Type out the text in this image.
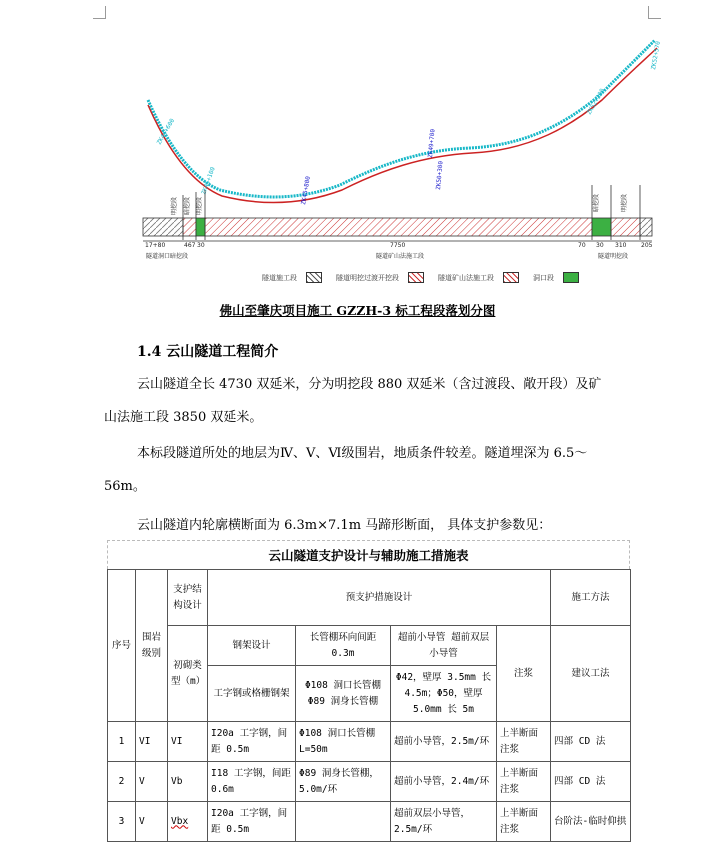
ZK45+800
ZK49+700
ZK50+300
ZK44+600
ZK45+100
ZK52+200
ZK52+570
明挖段 暗挖段 明挖段	暗挖段	明挖段
17+80	467 30	7750	70 30 310 205
隧道洞口暗挖段	隧道矿山法施工段	隧道明挖段
隧道施工段	隧道明挖过渡开挖段	隧道矿山法施工段	洞口段
佛山至肇庆项目施工 GZZH-3 标工程段落划分图
1.4 云山隧道工程简介
云山隧道全长 4730 双延米，分为明挖段 880 双延米（含过渡段、敞开段）及矿
山法施工段 3850 双延米。
本标段隧道所处的地层为Ⅳ、Ⅴ、Ⅵ级围岩，地质条件较差。隧道埋深为 6.5～
56m。
云山隧道内轮廓横断面为 6.3m×7.1m 马蹄形断面， 具体支护参数见：
云山隧道支护设计与辅助施工措施表
序号	围岩级别	支护结构设计	预支护措施设计				施工方法
		初砌类型（m）	钢架设计	长管棚环向间距0.3m	超前小导管 超前双层小导管	注浆	建议工法
			工字钢或格栅钢架	Φ108 洞口长管棚 Φ89 洞身长管棚	Φ42，壁厚 3.5mm 长 4.5m；Φ50，壁厚 5.0mm 长 5m		
1	VI	VI	I20a 工字钢，间距 0.5m	Φ108 洞口长管棚 L=50m	超前小导管，2.5m/环	上半断面注浆	四部 CD 法
2	V	Vb	I18 工字钢，间距 0.6m	Φ89 洞身长管棚，5.0m/环	超前小导管，2.4m/环	上半断面注浆	四部 CD 法
3	V	Vbx	I20a 工字钢，间距 0.5m		超前双层小导管，2.5m/环	上半断面注浆	台阶法-临时仰拱
